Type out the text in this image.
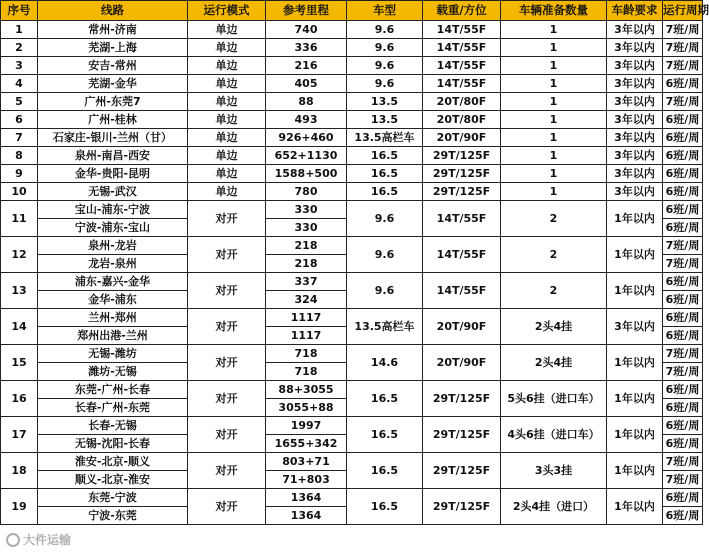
序号	线路	运行模式	参考里程	车型	载重/方位	车辆准备数量	车龄要求	运行周期
1	常州-济南	单边	740	9.6	14T/55F	1	3年以内	7班/周
2	芜湖-上海	单边	336	9.6	14T/55F	1	3年以内	7班/周
3	安吉-常州	单边	216	9.6	14T/55F	1	3年以内	7班/周
4	芜湖-金华	单边	405	9.6	14T/55F	1	3年以内	6班/周
5	广州-东莞7	单边	88	13.5	20T/80F	1	3年以内	7班/周
6	广州-桂林	单边	493	13.5	20T/80F	1	3年以内	6班/周
7	石家庄-银川-兰州（甘）	单边	926+460	13.5高栏车	20T/90F	1	3年以内	6班/周
8	泉州-南昌-西安	单边	652+1130	16.5	29T/125F	1	3年以内	6班/周
9	金华-贵阳-昆明	单边	1588+500	16.5	29T/125F	1	3年以内	6班/周
10	无锡-武汉	单边	780	16.5	29T/125F	1	3年以内	6班/周
11	宝山-浦东-宁波	对开	330	9.6	14T/55F	2	1年以内	6班/周
	宁波-浦东-宝山		330					6班/周
12	泉州-龙岩	对开	218	9.6	14T/55F	2	1年以内	7班/周
	龙岩-泉州		218					7班/周
13	浦东-嘉兴-金华	对开	337	9.6	14T/55F	2	1年以内	6班/周
	金华-浦东		324					6班/周
14	兰州-郑州	对开	1117	13.5高栏车	20T/90F	2头4挂	3年以内	6班/周
	郑州出港-兰州		1117					6班/周
15	无锡-潍坊	对开	718	14.6	20T/90F	2头4挂	1年以内	7班/周
	潍坊-无锡		718					7班/周
16	东莞-广州-长春	对开	88+3055	16.5	29T/125F	5头6挂（进口车）	1年以内	6班/周
	长春-广州-东莞		3055+88					6班/周
17	长春-无锡	对开	1997	16.5	29T/125F	4头6挂（进口车）	1年以内	6班/周
	无锡-沈阳-长春		1655+342					6班/周
18	淮安-北京-顺义	对开	803+71	16.5	29T/125F	3头3挂	1年以内	7班/周
	顺义-北京-淮安		71+803					7班/周
19	东莞-宁波	对开	1364	16.5	29T/125F	2头4挂（进口）	1年以内	6班/周
	宁波-东莞		1364					6班/周
大件运输
